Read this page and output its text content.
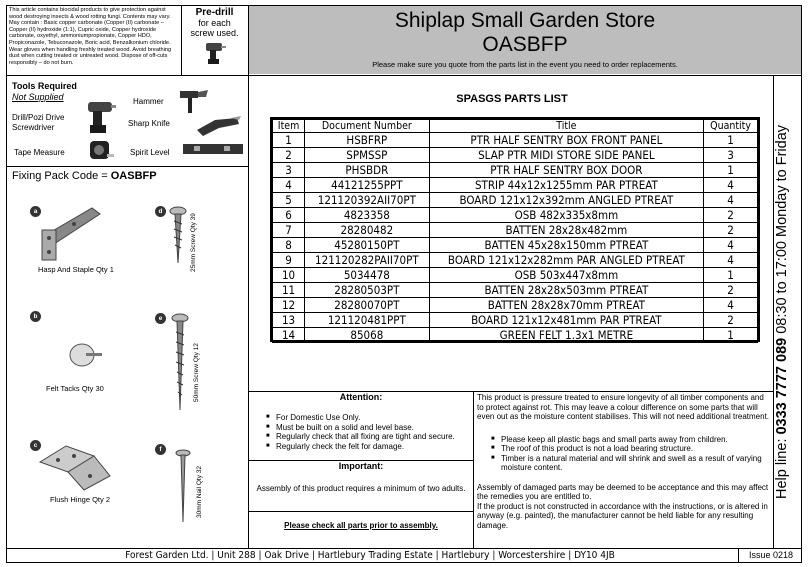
This article contains biocidal products to give protection against wood destroying insects & wood rotting fungi. Contents may vary. May contain : Basic copper carbonate (Copper (II) carbonate – Copper (II) hydroxide (1:1), Cupric oxide, Copper hydroxide carbonate, oxyethyl, ammoniumpropionate, Copper HDO, Propiconazole, Tebuconazole, Boric acid, Benzalkonium chloride. Wear gloves when handling freshly treated wood. Avoid breathing dust when cutting treated or untreated wood. Dispose of off-cuts responsibly – do not burn.
Pre-drill
for each screw used.
Shiplap Small Garden Store
OASBFP
Please make sure you quote from the parts list in the event you need to order replacements.
Tools Required
Not Supplied
Drill/Pozi Drive Screwdriver
Hammer
Sharp Knife
Tape Measure	Spirit Level
Fixing Pack Code = OASBFP
a
Hasp And Staple Qty 1
b
Felt Tacks Qty 30
c
Flush Hinge Qty 2
d
25mm Screw Qty 39
e
50mm Screw Qty 12
f
30mm Nail Qty 32
SPASGS PARTS LIST
Item	Document Number	Title	Quantity
1	HSBFRP	PTR HALF SENTRY BOX FRONT PANEL	1
2	SPMSSP	SLAP PTR MIDI STORE SIDE PANEL	3
3	PHSBDR	PTR HALF SENTRY BOX DOOR	1
4	44121255PPT	STRIP 44x12x1255mm PAR PTREAT	4
5	121120392AII70PT	BOARD 121x12x392mm ANGLED PTREAT	4
6	4823358	OSB 482x335x8mm	2
7	28280482	BATTEN 28x28x482mm	2
8	45280150PT	BATTEN 45x28x150mm PTREAT	4
9	121120282PAII70PT	BOARD 121x12x282mm PAR ANGLED PTREAT	4
10	5034478	OSB 503x447x8mm	1
11	28280503PT	BATTEN 28x28x503mm PTREAT	2
12	28280070PT	BATTEN 28x28x70mm PTREAT	4
13	121120481PPT	BOARD 121x12x481mm PAR PTREAT	2
14	85068	GREEN FELT 1.3x1 METRE	1
Help line: 0333 7777 089 08:30 to 17:00 Monday to Friday
Attention:
■ For Domestic Use Only.
■ Must be built on a solid and level base.
■ Regularly check that all fixing are tight and secure.
■ Regularly check the felt for damage.
Important:
Assembly of this product requires a minimum of two adults.
Please check all parts prior to assembly.
This product is pressure treated to ensure longevity of all timber components and to protect against rot. This may leave a colour difference on some parts that will even out as the moisture content stabilises. This will not need additional treatment.
■ Please keep all plastic bags and small parts away from children.
■ The roof of this product is not a load bearing structure.
■ Timber is a natural material and will shrink and swell as a result of varying moisture content.
Assembly of damaged parts may be deemed to be acceptance and this may affect the remedies you are entitled to.
If the product is not constructed in accordance with the instructions, or is altered in anyway (e.g. painted), the manufacturer cannot be held liable for any resulting damage.
Forest Garden Ltd. | Unit 288 | Oak Drive | Hartlebury Trading Estate | Hartlebury | Worcestershire | DY10 4JB	Issue 0218
